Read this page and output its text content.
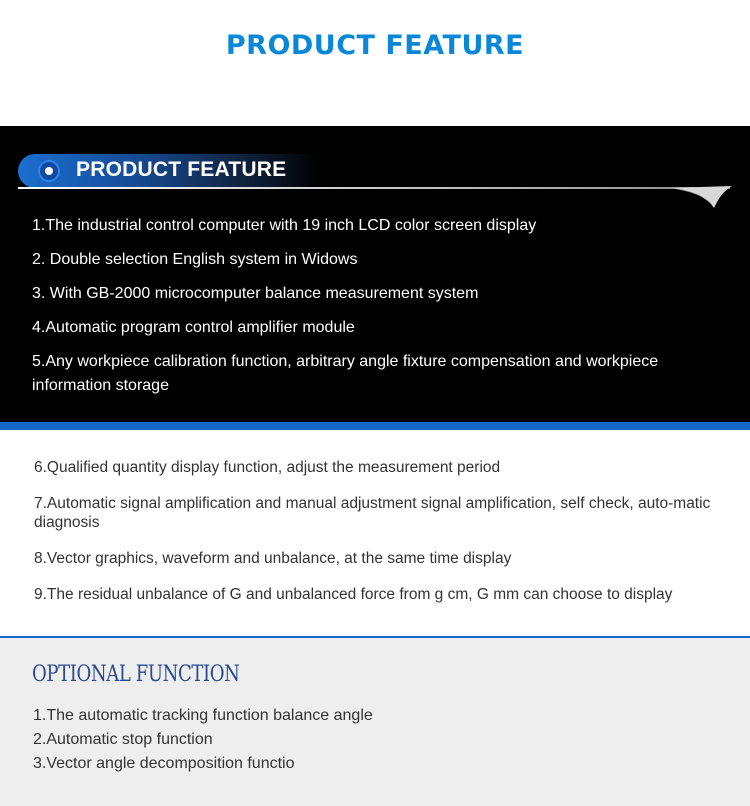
PRODUCT FEATURE
PRODUCT FEATURE
1.The industrial control computer with 19 inch LCD color screen display
2. Double selection English system in Widows
3. With GB-2000 microcomputer balance measurement system
4.Automatic program control amplifier module
5.Any workpiece calibration function, arbitrary angle fixture compensation and workpiece information storage
6.Qualified quantity display function, adjust the measurement period
7.Automatic signal amplification and manual adjustment signal amplification, self check, auto-matic diagnosis
8.Vector graphics, waveform and unbalance, at the same time display
9.The residual unbalance of G and unbalanced force from g cm, G mm can choose to display
OPTIONAL FUNCTION
1.The automatic tracking function balance angle
2.Automatic stop function
3.Vector angle decomposition functio
